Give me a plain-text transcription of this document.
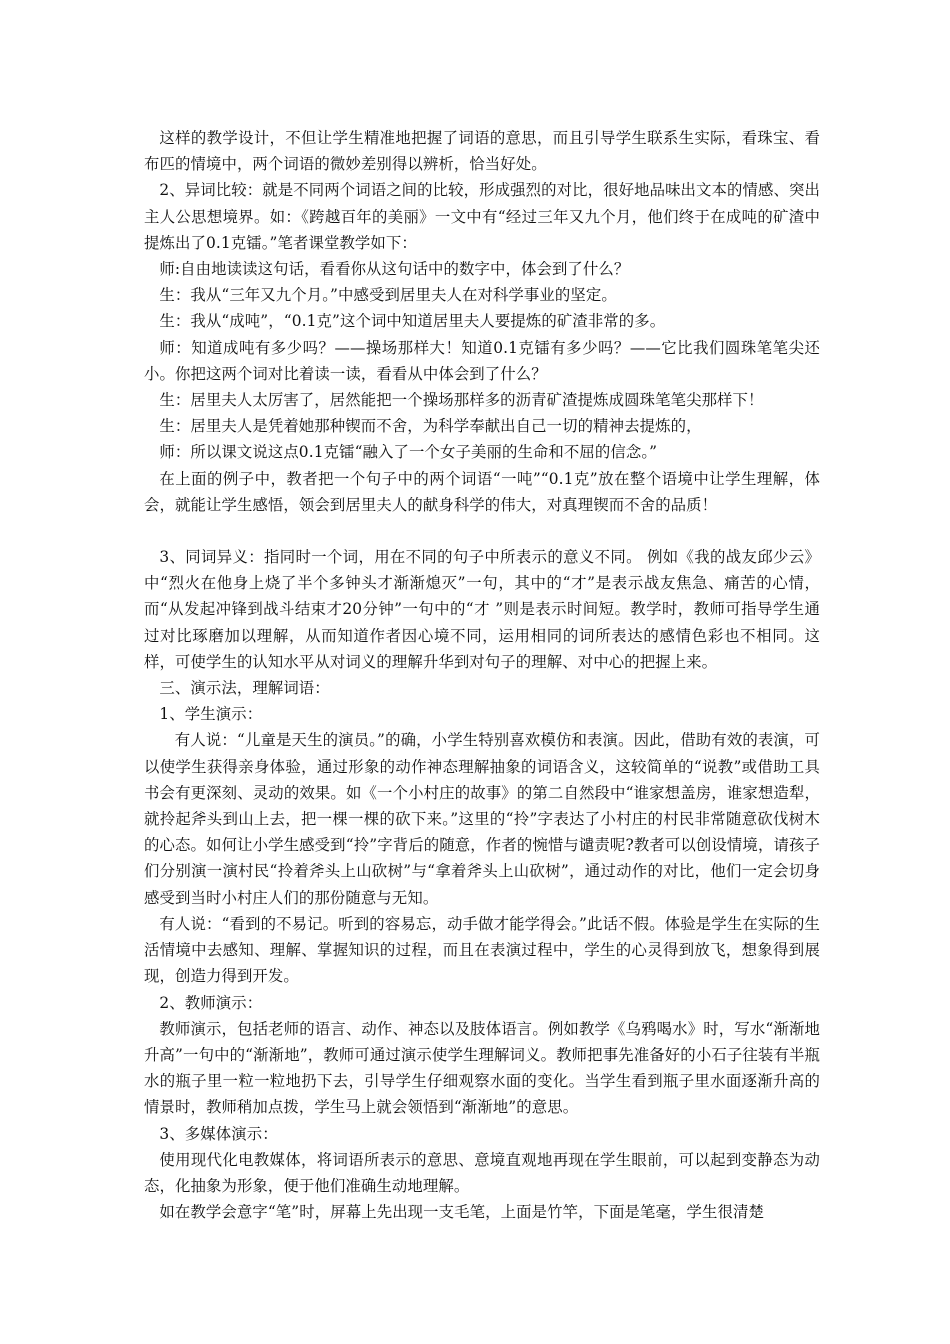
这样的教学设计，不但让学生精准地把握了词语的意思，而且引导学生联系生实际，看珠宝、看布匹的情境中，两个词语的微妙差别得以辨析，恰当好处。

2、异词比较：就是不同两个词语之间的比较，形成强烈的对比，很好地品味出文本的情感、突出主人公思想境界。如：《跨越百年的美丽》一文中有“经过三年又九个月，他们终于在成吨的矿渣中提炼出了0.1克镭。”笔者课堂教学如下：

师:自由地读读这句话，看看你从这句话中的数字中，体会到了什么？

生：我从“三年又九个月。”中感受到居里夫人在对科学事业的坚定。

生：我从“成吨”，“0.1克”这个词中知道居里夫人要提炼的矿渣非常的多。

师：知道成吨有多少吗？——操场那样大！知道0.1克镭有多少吗？——它比我们圆珠笔笔尖还小。你把这两个词对比着读一读，看看从中体会到了什么？

生：居里夫人太厉害了，居然能把一个操场那样多的沥青矿渣提炼成圆珠笔笔尖那样下！

生：居里夫人是凭着她那种锲而不舍，为科学奉献出自己一切的精神去提炼的，

师：所以课文说这点0.1克镭“融入了一个女子美丽的生命和不屈的信念。”

在上面的例子中，教者把一个句子中的两个词语“一吨”“0.1克”放在整个语境中让学生理解，体会，就能让学生感悟，领会到居里夫人的献身科学的伟大，对真理锲而不舍的品质！

3、同词异义：指同时一个词，用在不同的句子中所表示的意义不同。 例如《我的战友邱少云》中“烈火在他身上烧了半个多钟头才渐渐熄灭”一句，其中的“才”是表示战友焦急、痛苦的心情，而“从发起冲锋到战斗结束才20分钟”一句中的“才 ”则是表示时间短。教学时，教师可指导学生通过对比琢磨加以理解，从而知道作者因心境不同，运用相同的词所表达的感情色彩也不相同。这样，可使学生的认知水平从对词义的理解升华到对句子的理解、对中心的把握上来。

三、演示法，理解词语：

1、学生演示：

有人说：“儿童是天生的演员。”的确，小学生特别喜欢模仿和表演。因此，借助有效的表演，可以使学生获得亲身体验，通过形象的动作神态理解抽象的词语含义，这较简单的“说教”或借助工具书会有更深刻、灵动的效果。如《一个小村庄的故事》的第二自然段中“谁家想盖房，谁家想造犁，就拎起斧头到山上去，把一棵一棵的砍下来。”这里的“拎”字表达了小村庄的村民非常随意砍伐树木的心态。如何让小学生感受到“拎”字背后的随意，作者的惋惜与谴责呢?教者可以创设情境，请孩子们分别演一演村民“拎着斧头上山砍树”与“拿着斧头上山砍树”，通过动作的对比，他们一定会切身感受到当时小村庄人们的那份随意与无知。

有人说：“看到的不易记。听到的容易忘，动手做才能学得会。”此话不假。体验是学生在实际的生活情境中去感知、理解、掌握知识的过程，而且在表演过程中，学生的心灵得到放飞，想象得到展现，创造力得到开发。

2、教师演示：

教师演示，包括老师的语言、动作、神态以及肢体语言。例如教学《乌鸦喝水》时，写水“渐渐地升高”一句中的“渐渐地”，教师可通过演示使学生理解词义。教师把事先准备好的小石子往装有半瓶水的瓶子里一粒一粒地扔下去，引导学生仔细观察水面的变化。当学生看到瓶子里水面逐渐升高的情景时，教师稍加点拨，学生马上就会领悟到“渐渐地”的意思。

3、多媒体演示：

使用现代化电教媒体，将词语所表示的意思、意境直观地再现在学生眼前，可以起到变静态为动态，化抽象为形象，便于他们准确生动地理解。

如在教学会意字“笔”时，屏幕上先出现一支毛笔，上面是竹竿，下面是笔毫，学生很清楚
